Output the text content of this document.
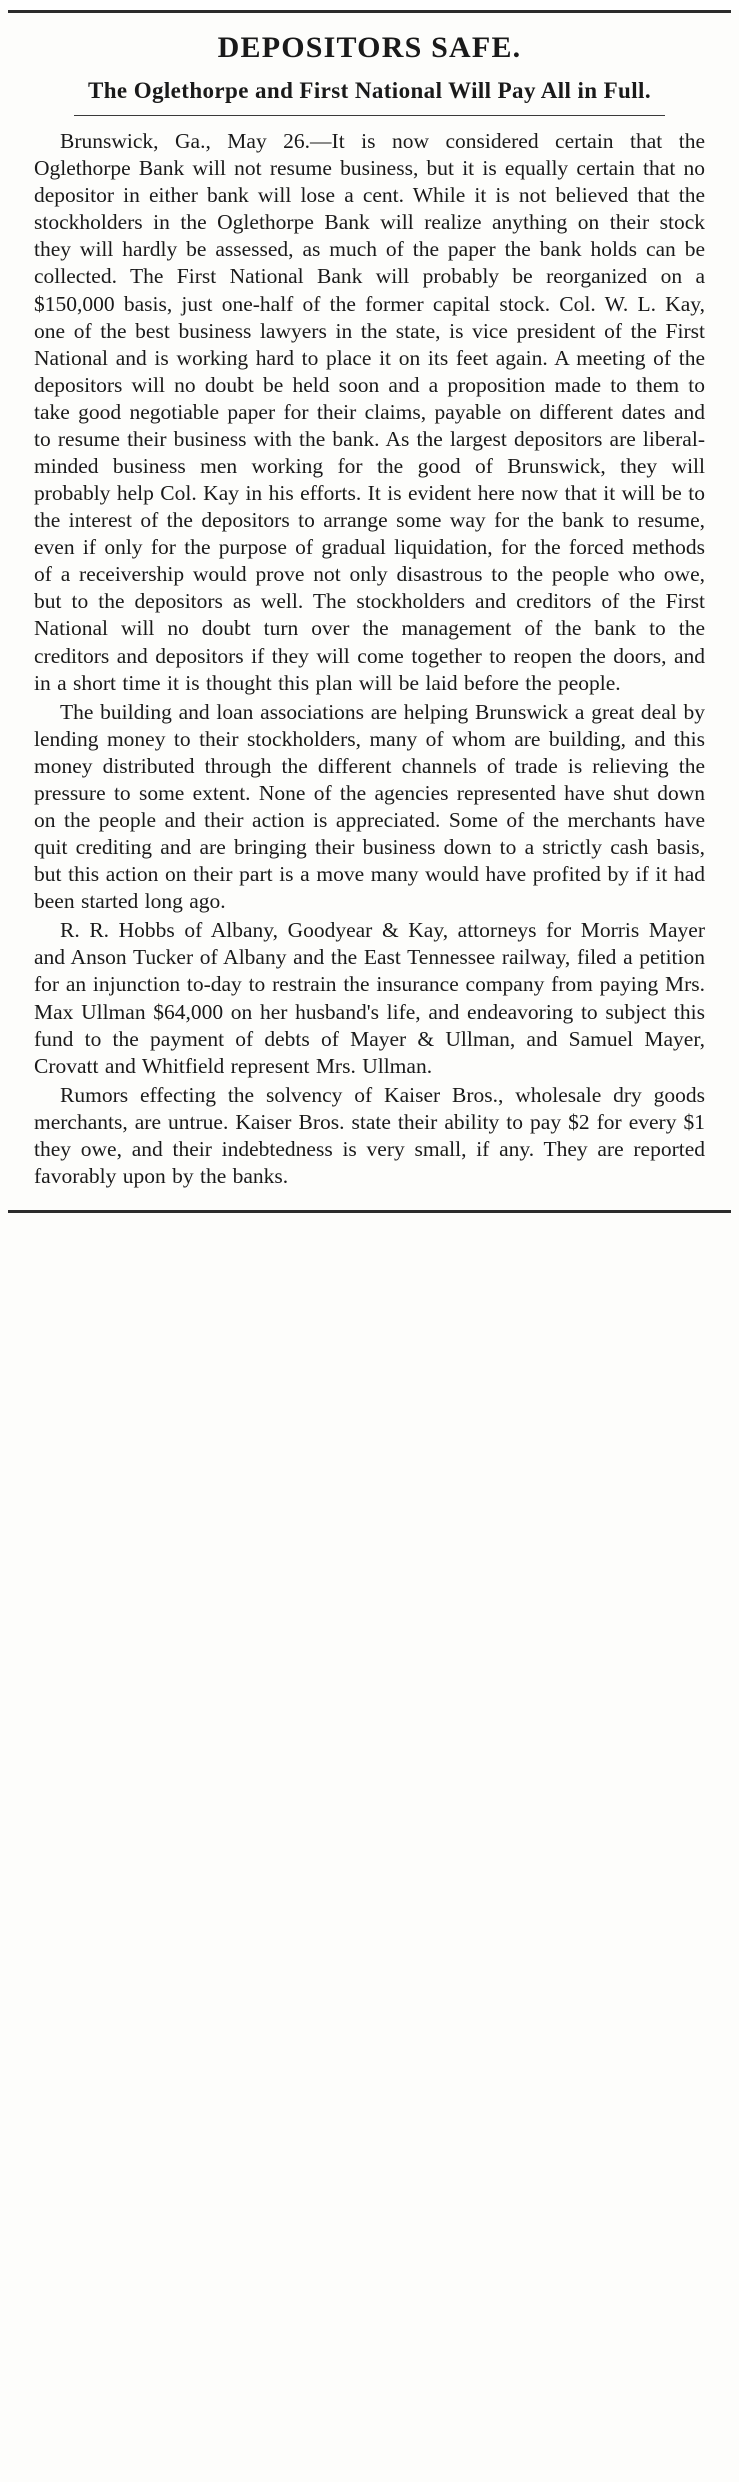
DEPOSITORS SAFE.
The Oglethorpe and First National Will Pay All in Full.

Brunswick, Ga., May 26.—It is now considered certain that the Oglethorpe Bank will not resume business, but it is equally certain that no depositor in either bank will lose a cent. While it is not believed that the stockholders in the Oglethorpe Bank will realize anything on their stock they will hardly be assessed, as much of the paper the bank holds can be collected. The First National Bank will probably be reorganized on a $150,000 basis, just one-half of the former capital stock. Col. W. L. Kay, one of the best business lawyers in the state, is vice president of the First National and is working hard to place it on its feet again. A meeting of the depositors will no doubt be held soon and a proposition made to them to take good negotiable paper for their claims, payable on different dates and to resume their business with the bank. As the largest depositors are liberal-minded business men working for the good of Brunswick, they will probably help Col. Kay in his efforts. It is evident here now that it will be to the interest of the depositors to arrange some way for the bank to resume, even if only for the purpose of gradual liquidation, for the forced methods of a receivership would prove not only disastrous to the people who owe, but to the depositors as well. The stockholders and creditors of the First National will no doubt turn over the management of the bank to the creditors and depositors if they will come together to reopen the doors, and in a short time it is thought this plan will be laid before the people.

The building and loan associations are helping Brunswick a great deal by lending money to their stockholders, many of whom are building, and this money distributed through the different channels of trade is relieving the pressure to some extent. None of the agencies represented have shut down on the people and their action is appreciated. Some of the merchants have quit crediting and are bringing their business down to a strictly cash basis, but this action on their part is a move many would have profited by if it had been started long ago.

R. R. Hobbs of Albany, Goodyear & Kay, attorneys for Morris Mayer and Anson Tucker of Albany and the East Tennessee railway, filed a petition for an injunction to-day to restrain the insurance company from paying Mrs. Max Ullman $64,000 on her husband's life, and endeavoring to subject this fund to the payment of debts of Mayer & Ullman, and Samuel Mayer, Crovatt and Whitfield represent Mrs. Ullman.

Rumors effecting the solvency of Kaiser Bros., wholesale dry goods merchants, are untrue. Kaiser Bros. state their ability to pay $2 for every $1 they owe, and their indebtedness is very small, if any. They are reported favorably upon by the banks.
